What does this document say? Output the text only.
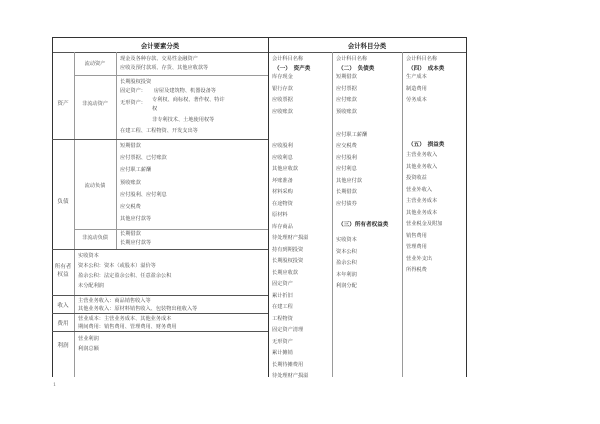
会计要素分类
资产
流动资产
现金及各种存款、交易性金融资产
应收及预付款项、存货、其他应收款等
非流动资产
长期股权投资
固定资产：　　房屋及建筑物、机器设备等
无形资产： 专利权、商标权、著作权、特许
权
非专利技术、土地使用权等
在建工程、工程物资、开发支出等
负债
流动负债
短期借款
应付票据、已付账款
应付职工薪酬
预收账款
应付股利、应付利息
应交税费
其他应付款等
非流动负债
长期借款
长期应付款等
所有者权益
实收资本
资本公积：资本（或股本）溢价等
盈余公积：法定盈余公积、任意盈余公积
未分配利润
收入
主营业务收入：商品销售收入等
其他业务收入：原材料销售收入、包装物出租收入等
费用
营业成本：主营业务成本、其他业务成本
期间费用：销售费用、管理费用、财务费用
利润
营业利润
利润总额
会计科目分类
会计科目名称
（一）　资产类
库存现金
银行存款
应收票据
应收账款
应收股利
应收利息
其他应收款
坏账准备
材料采购
在途物资
原材料
库存商品
待处理财产损溢
持有到期投资
长期股权投资
长期应收款
固定资产
累计折旧
在建工程
工程物资
固定资产清理
无形资产
累计摊销
长期待摊费用
待处理财产损溢
会计科目名称
（二）　负债类
短期借款
应付票据
应付账款
预收账款
应付职工薪酬
应交税费
应付股利
应付利息
其他应付款
长期借款
应付债券
（三）所有者权益类
实收资本
资本公积
盈余公积
本年利润
利润分配
会计科目名称
（四）　成本类
生产成本
制造费用
劳务成本
（五）　损益类
主营业务收入
其他业务收入
投资收益
营业外收入
主营业务成本
其他业务成本
营业税金及附加
销售费用
管理费用
营业外支出
所得税费
1
